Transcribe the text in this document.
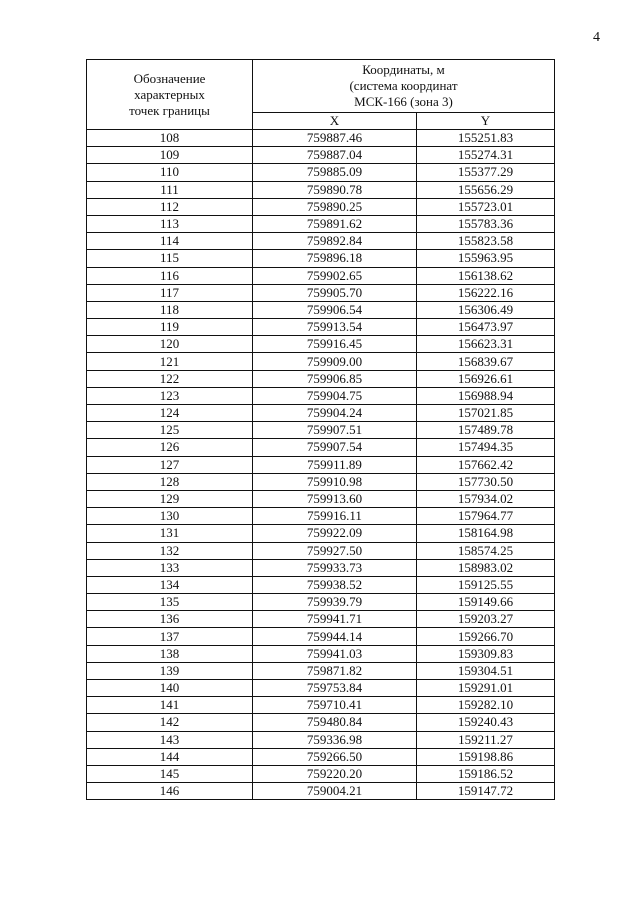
4
Обозначение
характерных
точек границы	Координаты, м
(система координат
МСК-166 (зона 3)	

	X	Y
108	759887.46	155251.83
109	759887.04	155274.31
110	759885.09	155377.29
111	759890.78	155656.29
112	759890.25	155723.01
113	759891.62	155783.36
114	759892.84	155823.58
115	759896.18	155963.95
116	759902.65	156138.62
117	759905.70	156222.16
118	759906.54	156306.49
119	759913.54	156473.97
120	759916.45	156623.31
121	759909.00	156839.67
122	759906.85	156926.61
123	759904.75	156988.94
124	759904.24	157021.85
125	759907.51	157489.78
126	759907.54	157494.35
127	759911.89	157662.42
128	759910.98	157730.50
129	759913.60	157934.02
130	759916.11	157964.77
131	759922.09	158164.98
132	759927.50	158574.25
133	759933.73	158983.02
134	759938.52	159125.55
135	759939.79	159149.66
136	759941.71	159203.27
137	759944.14	159266.70
138	759941.03	159309.83
139	759871.82	159304.51
140	759753.84	159291.01
141	759710.41	159282.10
142	759480.84	159240.43
143	759336.98	159211.27
144	759266.50	159198.86
145	759220.20	159186.52
146	759004.21	159147.72
